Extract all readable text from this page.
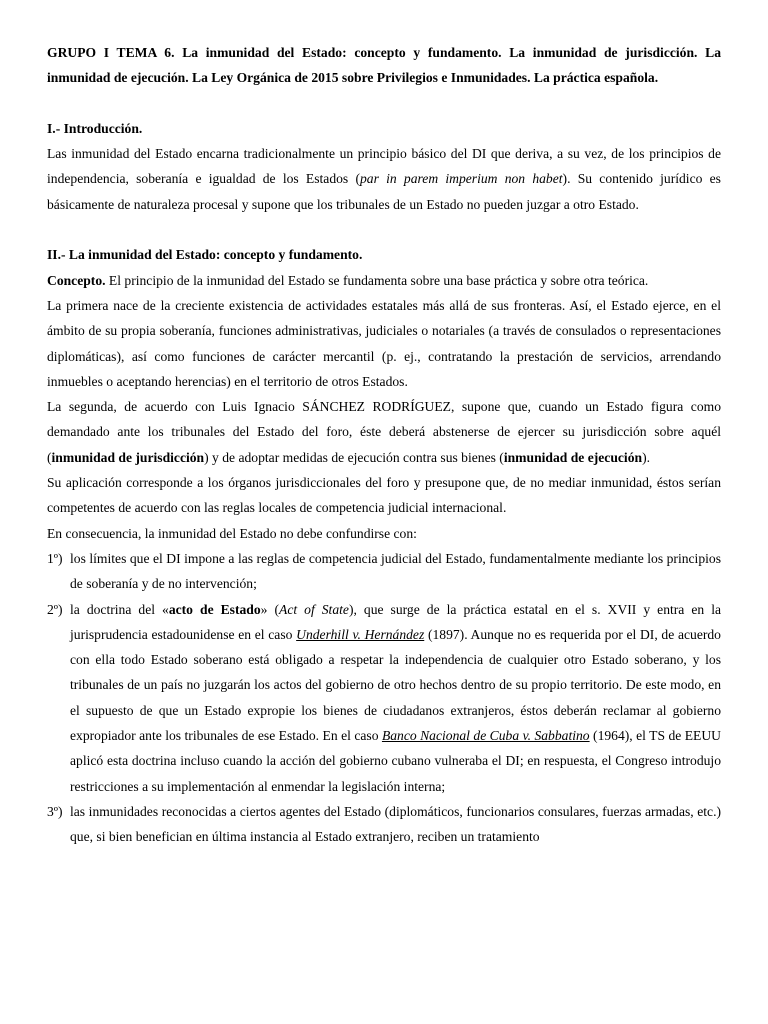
GRUPO I TEMA 6. La inmunidad del Estado: concepto y fundamento. La inmunidad de jurisdicción. La inmunidad de ejecución. La Ley Orgánica de 2015 sobre Privilegios e Inmunidades. La práctica española.

I.- Introducción.

Las inmunidad del Estado encarna tradicionalmente un principio básico del DI que deriva, a su vez, de los principios de independencia, soberanía e igualdad de los Estados (par in parem imperium non habet). Su contenido jurídico es básicamente de naturaleza procesal y supone que los tribunales de un Estado no pueden juzgar a otro Estado.

II.- La inmunidad del Estado: concepto y fundamento.

Concepto. El principio de la inmunidad del Estado se fundamenta sobre una base práctica y sobre otra teórica.

La primera nace de la creciente existencia de actividades estatales más allá de sus fronteras. Así, el Estado ejerce, en el ámbito de su propia soberanía, funciones administrativas, judiciales o notariales (a través de consulados o representaciones diplomáticas), así como funciones de carácter mercantil (p. ej., contratando la prestación de servicios, arrendando inmuebles o aceptando herencias) en el territorio de otros Estados.

La segunda, de acuerdo con Luis Ignacio SÁNCHEZ RODRÍGUEZ, supone que, cuando un Estado figura como demandado ante los tribunales del Estado del foro, éste deberá abstenerse de ejercer su jurisdicción sobre aquél (inmunidad de jurisdicción) y de adoptar medidas de ejecución contra sus bienes (inmunidad de ejecución).

Su aplicación corresponde a los órganos jurisdiccionales del foro y presupone que, de no mediar inmunidad, éstos serían competentes de acuerdo con las reglas locales de competencia judicial internacional.

En consecuencia, la inmunidad del Estado no debe confundirse con:

1º) los límites que el DI impone a las reglas de competencia judicial del Estado, fundamentalmente mediante los principios de soberanía y de no intervención;
2º) la doctrina del «acto de Estado» (Act of State), que surge de la práctica estatal en el s. XVII y entra en la jurisprudencia estadounidense en el caso Underhill v. Hernández (1897). Aunque no es requerida por el DI, de acuerdo con ella todo Estado soberano está obligado a respetar la independencia de cualquier otro Estado soberano, y los tribunales de un país no juzgarán los actos del gobierno de otro hechos dentro de su propio territorio. De este modo, en el supuesto de que un Estado expropie los bienes de ciudadanos extranjeros, éstos deberán reclamar al gobierno expropiador ante los tribunales de ese Estado. En el caso Banco Nacional de Cuba v. Sabbatino (1964), el TS de EEUU aplicó esta doctrina incluso cuando la acción del gobierno cubano vulneraba el DI; en respuesta, el Congreso introdujo restricciones a su implementación al enmendar la legislación interna;
3º) las inmunidades reconocidas a ciertos agentes del Estado (diplomáticos, funcionarios consulares, fuerzas armadas, etc.) que, si bien benefician en última instancia al Estado extranjero, reciben un tratamiento
